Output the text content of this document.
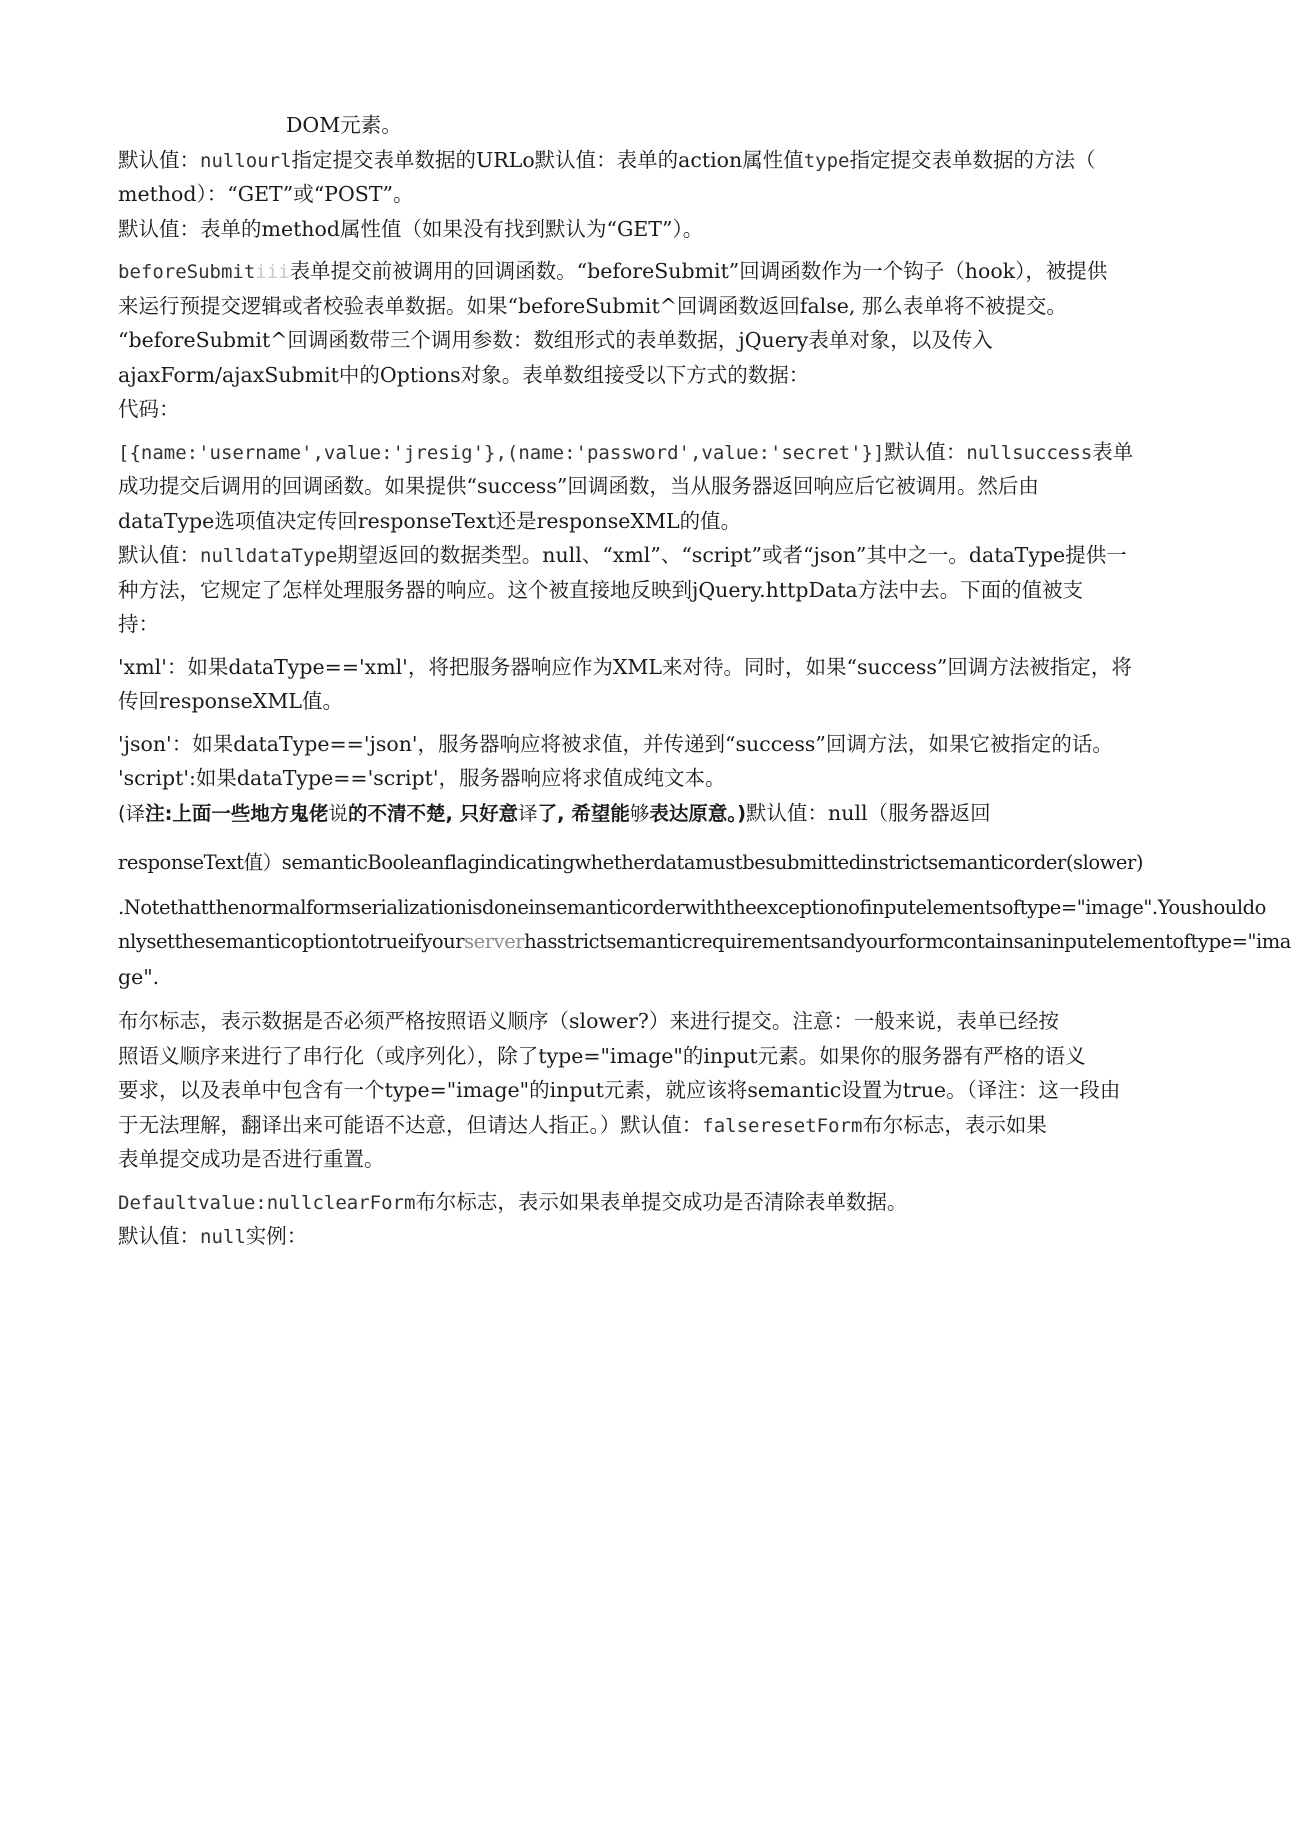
DOM元素。
默认值：nullourl指定提交表单数据的URLo默认值：表单的action属性值type指定提交表单数据的方法（
method）：“GET”或“POST”。
默认值：表单的method属性值（如果没有找到默认为“GET”）。
beforeSubmitiii表单提交前被调用的回调函数。“beforeSubmit”回调函数作为一个钩子（hook），被提供
来运行预提交逻辑或者校验表单数据。如果“beforeSubmit^回调函数返回false, 那么表单将不被提交。
“beforeSubmit^回调函数带三个调用参数：数组形式的表单数据，jQuery表单对象，以及传入
ajaxForm/ajaxSubmit中的Options对象。表单数组接受以下方式的数据：
代码：
[{name:'username',value:'jresig'},(name:'password',value:'secret'}]默认值：nullsuccess表单
成功提交后调用的回调函数。如果提供“success”回调函数，当从服务器返回响应后它被调用。然后由
dataType选项值决定传回responseText还是responseXML的值。
默认值：nulldataType期望返回的数据类型。null、“xml”、“script”或者“json”其中之一。dataType提供一
种方法，它规定了怎样处理服务器的响应。这个被直接地反映到jQuery.httpData方法中去。下面的值被支
持：
'xml'：如果dataType=='xml'，将把服务器响应作为XML来对待。同时，如果“success”回调方法被指定，将
传回responseXML值。
'json'：如果dataType=='json'，服务器响应将被求值，并传递到“success”回调方法，如果它被指定的话。
'script':如果dataType=='script'，服务器响应将求值成纯文本。
(译注:上面一些地方鬼佬说的不清不楚, 只好意译了, 希望能够表达原意。)默认值：null（服务器返回
responseText值）semanticBooleanflagindicatingwhetherdatamustbesubmittedinstrictsemanticorder(slower)
.Notethatthenormalformserializationisdoneinsemanticorderwiththeexceptionofinputelementsoftype="image".Youshouldo
nlysetthesemanticoptiontotrueifyourserverhasstrictsemanticrequirementsandyourformcontainsaninputelementoftype="ima
ge".
布尔标志，表示数据是否必须严格按照语义顺序（slower?）来进行提交。注意：一般来说，表单已经按
照语义顺序来进行了串行化（或序列化），除了type="image"的input元素。如果你的服务器有严格的语义
要求，以及表单中包含有一个type="image"的input元素，就应该将semantic设置为true。（译注：这一段由
于无法理解，翻译出来可能语不达意，但请达人指正。）默认值：falseresetForm布尔标志，表示如果
表单提交成功是否进行重置。
Defaultvalue:nullclearForm布尔标志，表示如果表单提交成功是否清除表单数据。
默认值：null实例：
